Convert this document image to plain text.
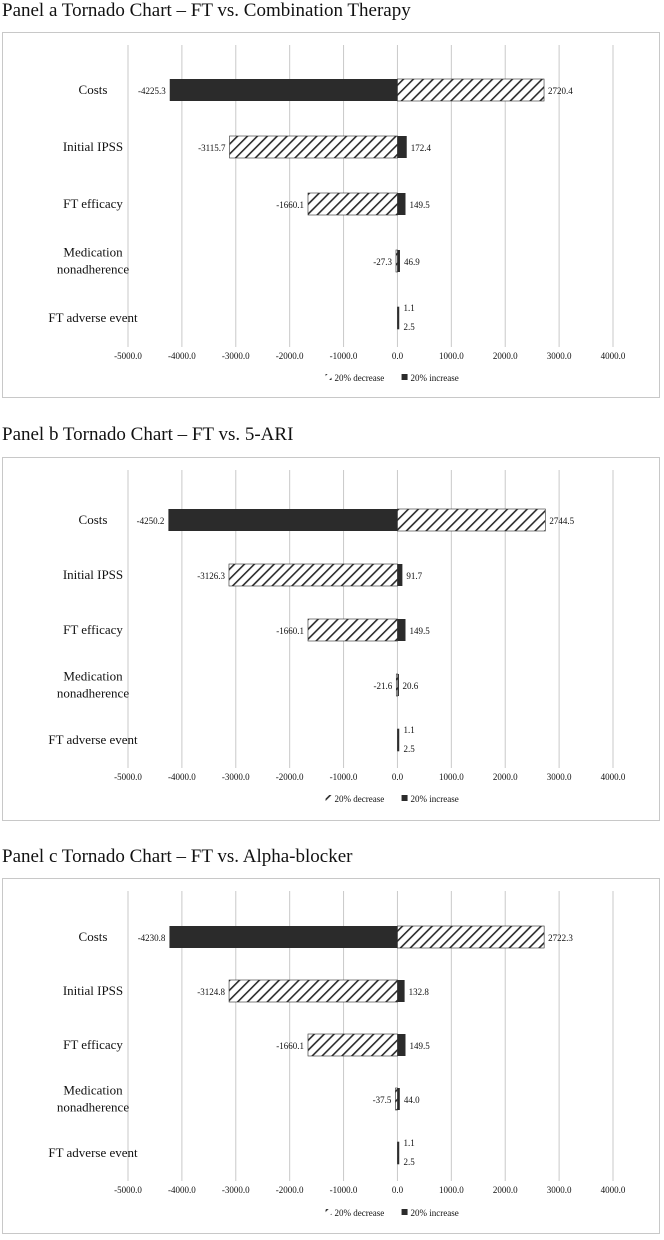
Panel a Tornado Chart – FT vs. Combination Therapy
-5000.0	-4000.0	-3000.0	-2000.0	-1000.0	0.0	1000.0	2000.0	3000.0	4000.0
Costs	2720.4
-4225.3
Initial IPSS	-3115.7	172.4
FT efficacy	-1660.1	149.5
Medication nonadherence	-27.3 46.9
FT adverse event
1.1
2.5
20% decrease	20% increase
Panel b Tornado Chart – FT vs. 5-ARI
-5000.0	-4000.0	-3000.0	-2000.0	-1000.0	0.0	1000.0	2000.0	3000.0	4000.0
Costs	2744.5
-4250.2
Initial IPSS	-3126.3	91.7
FT efficacy	-1660.1	149.5
Medication nonadherence	-21.6 20.6
FT adverse event
1.1
2.5
20% decrease	20% increase
Panel c Tornado Chart – FT vs. Alpha-blocker
-5000.0	-4000.0	-3000.0	-2000.0	-1000.0	0.0	1000.0	2000.0	3000.0	4000.0
Costs	2722.3
-4230.8
Initial IPSS	-3124.8	132.8
FT efficacy	-1660.1	149.5
Medication nonadherence	-37.5 44.0
FT adverse event
1.1
2.5
20% decrease	20% increase
